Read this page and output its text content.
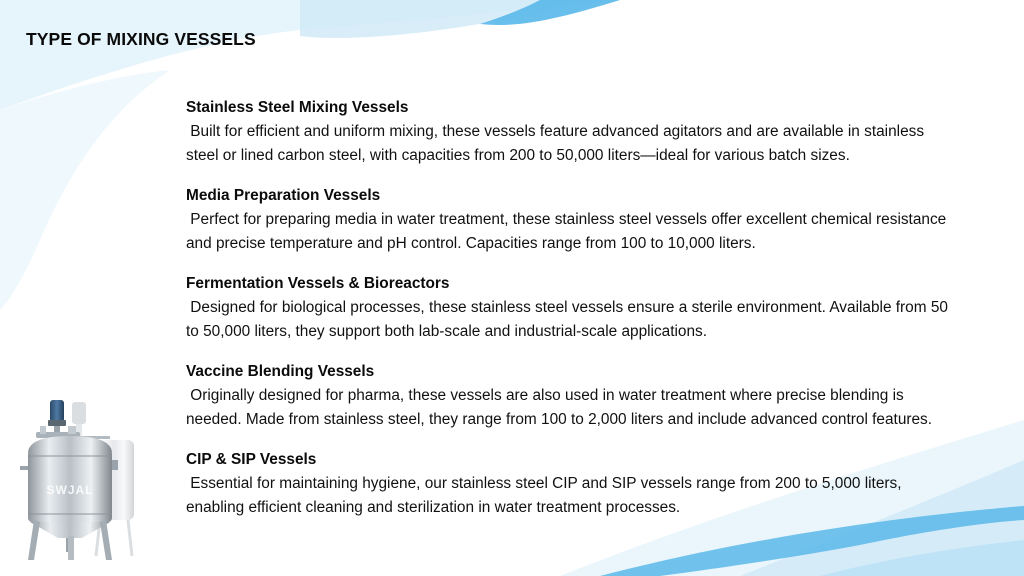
TYPE OF MIXING VESSELS

Stainless Steel Mixing Vessels

Built for efficient and uniform mixing, these vessels feature advanced agitators and are available in stainless steel or lined carbon steel, with capacities from 200 to 50,000 liters—ideal for various batch sizes.

Media Preparation Vessels

Perfect for preparing media in water treatment, these stainless steel vessels offer excellent chemical resistance and precise temperature and pH control. Capacities range from 100 to 10,000 liters.

Fermentation Vessels & Bioreactors

Designed for biological processes, these stainless steel vessels ensure a sterile environment. Available from 50 to 50,000 liters, they support both lab-scale and industrial-scale applications.

Vaccine Blending Vessels

Originally designed for pharma, these vessels are also used in water treatment where precise blending is needed. Made from stainless steel, they range from 100 to 2,000 liters and include advanced control features.

CIP & SIP Vessels

Essential for maintaining hygiene, our stainless steel CIP and SIP vessels range from 200 to 5,000 liters, enabling efficient cleaning and sterilization in water treatment processes.

SWJAL
